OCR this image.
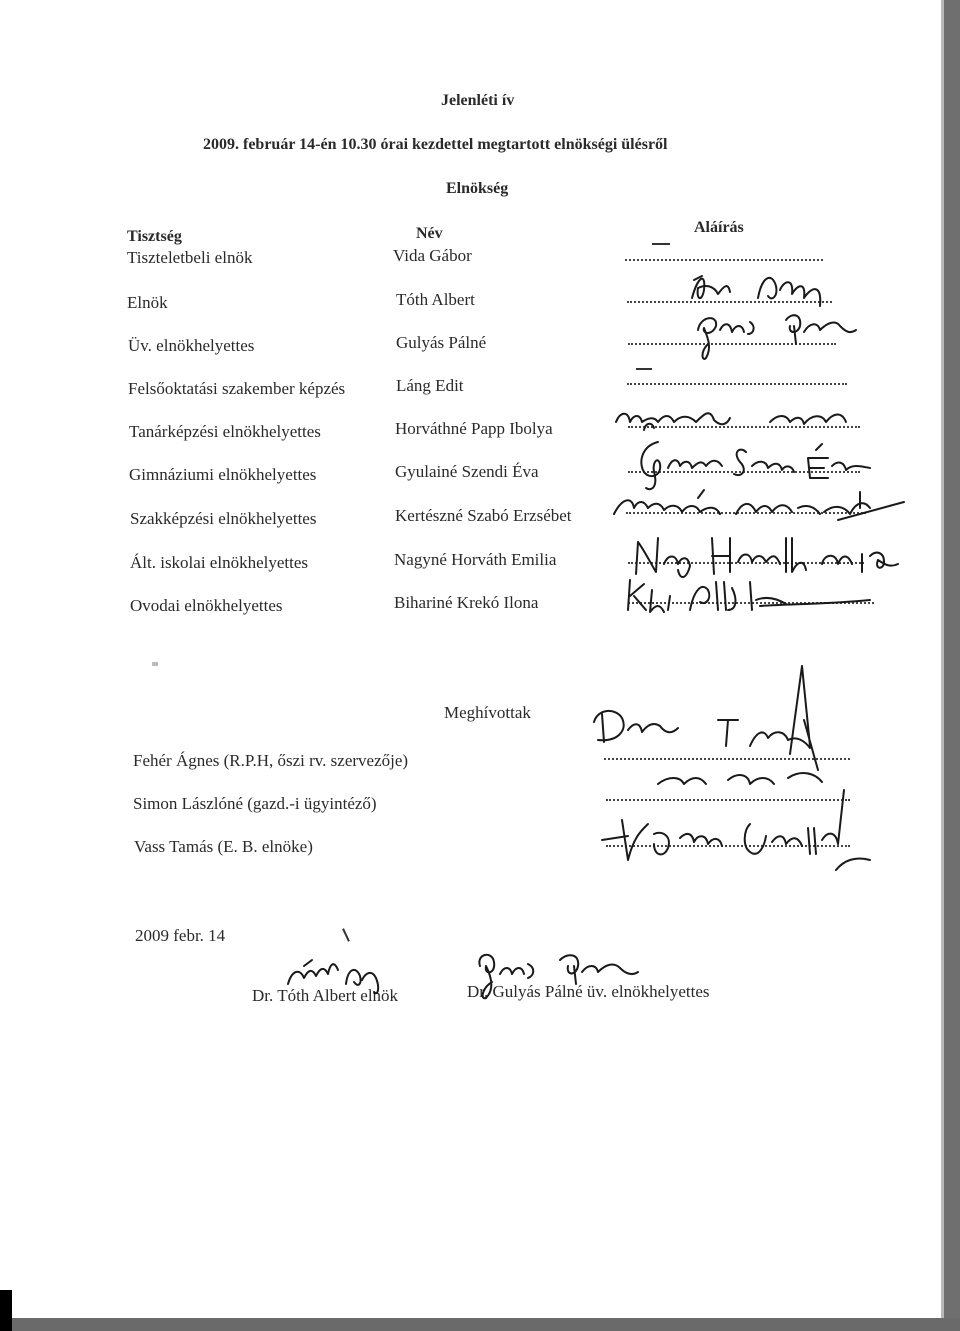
Jelenléti ív
2009. február 14-én 10.30 órai kezdettel megtartott elnökségi ülésről
Elnökség
Tisztség	Név	Aláírás
Tiszteletbeli elnök	Vida Gábor
Elnök	Tóth Albert
Üv. elnökhelyettes	Gulyás Pálné
Felsőoktatási szakember képzés	Láng Edit
Tanárképzési elnökhelyettes	Horváthné Papp Ibolya
Gimnáziumi elnökhelyettes	Gyulainé Szendi Éva
Szakképzési elnökhelyettes	Kertészné Szabó Erzsébet
Ált. iskolai elnökhelyettes	Nagyné Horváth Emilia
Ovodai elnökhelyettes	Bihariné Krekó Ilona
Meghívottak
Fehér Ágnes (R.P.H, őszi rv. szervezője)
Simon Lászlóné (gazd.-i ügyintéző)
Vass Tamás (E. B. elnöke)
2009 febr. 14
Dr. Tóth Albert elnök	Dr. Gulyás Pálné üv. elnökhelyettes
